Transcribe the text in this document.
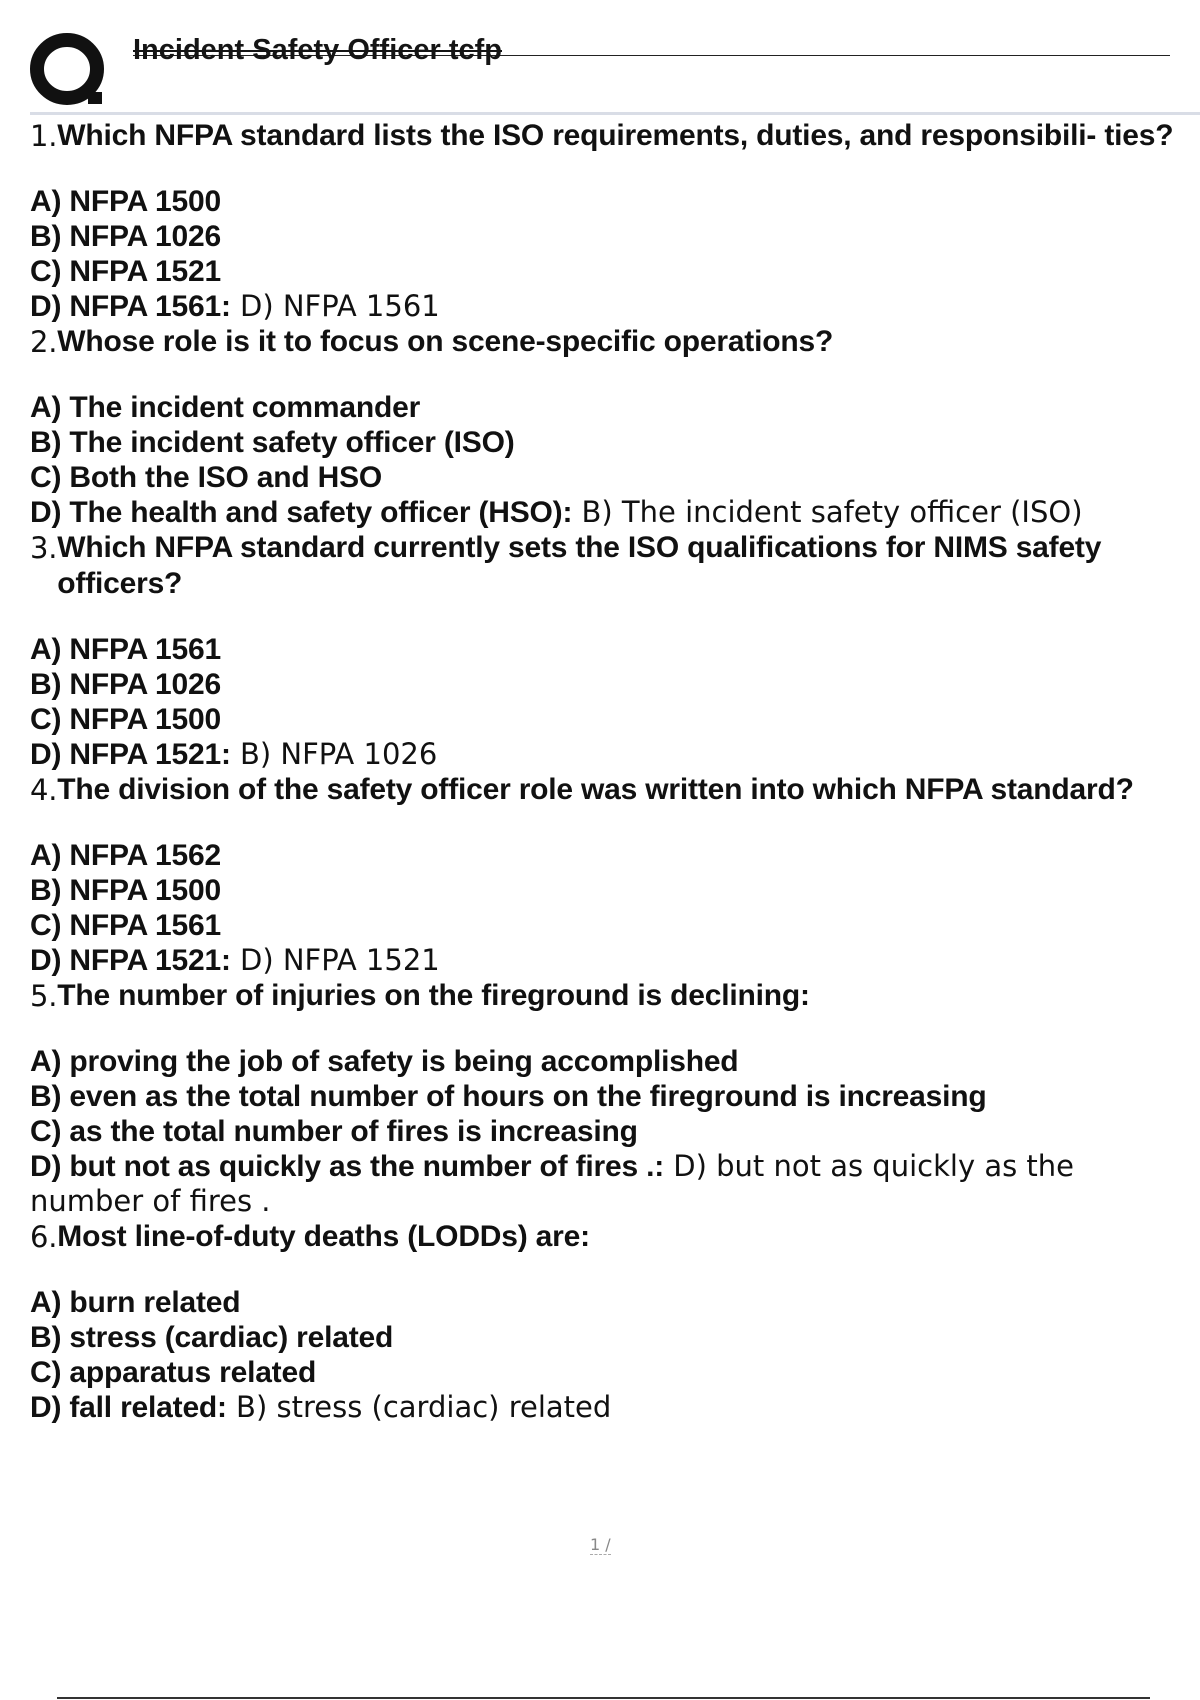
Incident Safety Officer tcfp
1. Which NFPA standard lists the ISO requirements, duties, and responsibili- ties?
A) NFPA 1500
B) NFPA 1026
C) NFPA 1521
D) NFPA 1561: D) NFPA 1561
2. Whose role is it to focus on scene-specific operations?
A) The incident commander
B) The incident safety officer (ISO)
C) Both the ISO and HSO
D) The health and safety officer (HSO): B) The incident safety officer (ISO)
3. Which NFPA standard currently sets the ISO qualifications for NIMS safety officers?
A) NFPA 1561
B) NFPA 1026
C) NFPA 1500
D) NFPA 1521: B) NFPA 1026
4. The division of the safety officer role was written into which NFPA standard?
A) NFPA 1562
B) NFPA 1500
C) NFPA 1561
D) NFPA 1521: D) NFPA 1521
5. The number of injuries on the fireground is declining:
A) proving the job of safety is being accomplished
B) even as the total number of hours on the fireground is increasing
C) as the total number of fires is increasing
D) but not as quickly as the number of fires .: D) but not as quickly as the number of fires .
6. Most line-of-duty deaths (LODDs) are:
A) burn related
B) stress (cardiac) related
C) apparatus related
D) fall related: B) stress (cardiac) related
1 /
